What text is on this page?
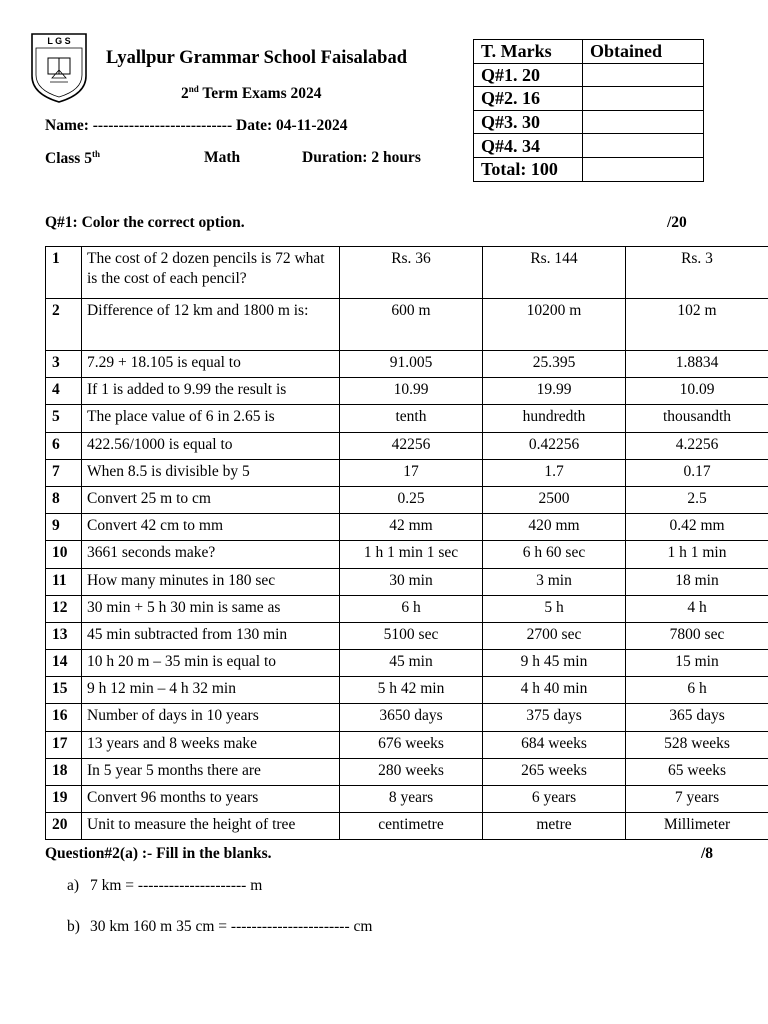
L G S
Lyallpur Grammar School Faisalabad
2nd Term Exams 2024
Name: --------------------------- Date: 04-11-2024
Class 5th	Math	Duration: 2 hours
T. Marks	Obtained
Q#1. 20	
Q#2. 16	
Q#3. 30	
Q#4. 34	
Total: 100	
Q#1: Color the correct option.	/20
1	The cost of 2 dozen pencils is 72 what is the cost of each pencil?	Rs. 36	Rs. 144	Rs. 3
2	Difference of 12 km and 1800 m is:	600 m	10200 m	102 m
3	7.29 + 18.105 is equal to	91.005	25.395	1.8834
4	If 1 is added to 9.99 the result is	10.99	19.99	10.09
5	The place value of 6 in 2.65 is	tenth	hundredth	thousandth
6	422.56/1000 is equal to	42256	0.42256	4.2256
7	When 8.5 is divisible by 5	17	1.7	0.17
8	Convert 25 m to cm	0.25	2500	2.5
9	Convert 42 cm to mm	42 mm	420 mm	0.42 mm
10	3661 seconds make?	1 h 1 min 1 sec	6 h 60 sec	1 h 1 min
11	How many minutes in 180 sec	30 min	3 min	18 min
12	30 min + 5 h 30 min is same as	6 h	5 h	4 h
13	45 min subtracted from 130 min	5100 sec	2700 sec	7800 sec
14	10 h 20 m – 35 min is equal to	45 min	9 h 45 min	15 min
15	9 h 12 min – 4 h 32 min	5 h 42 min	4 h 40 min	6 h
16	Number of days in 10 years	3650 days	375 days	365 days
17	13 years and 8 weeks make	676 weeks	684 weeks	528 weeks
18	In 5 year 5 months there are	280 weeks	265 weeks	65 weeks
19	Convert 96 months to years	8 years	6 years	7 years
20	Unit to measure the height of tree	centimetre	metre	Millimeter
Question#2(a) :- Fill in the blanks.	/8
a) 7 km = --------------------- m
b) 30 km 160 m 35 cm = ----------------------- cm
